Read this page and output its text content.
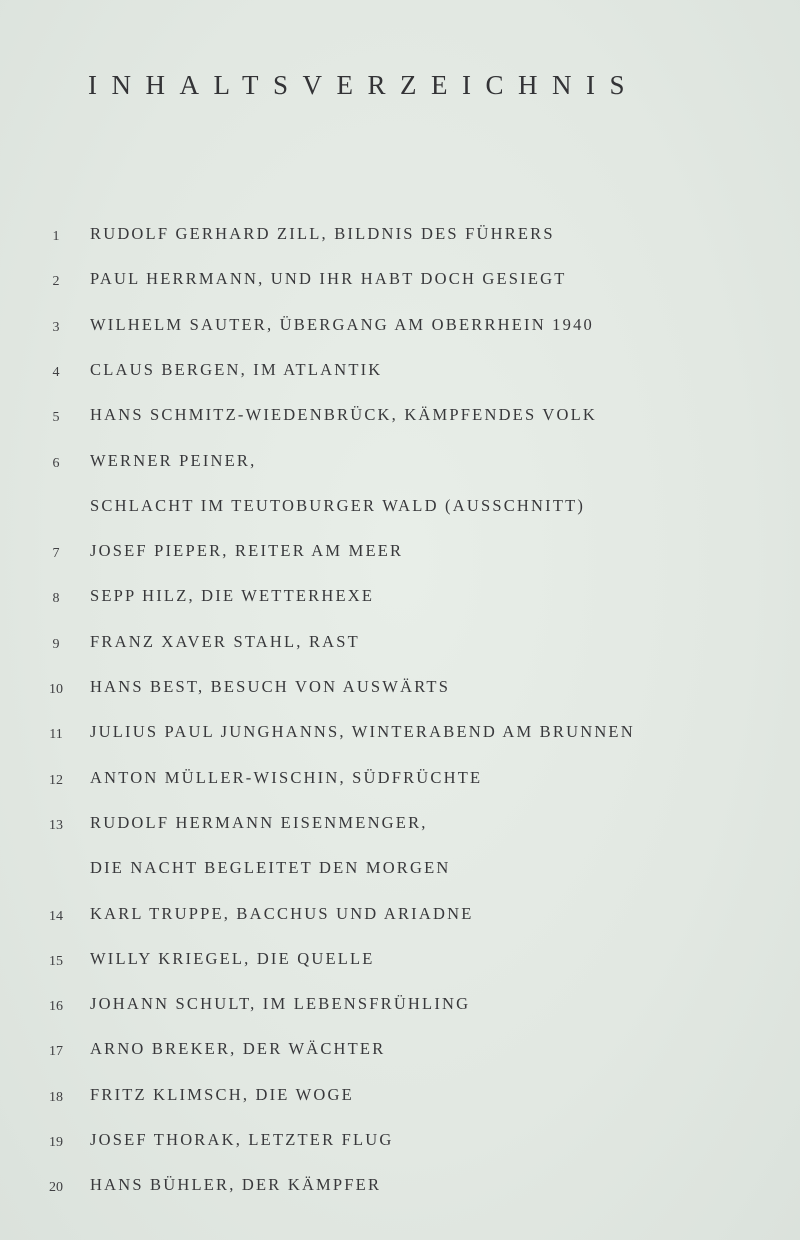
INHALTSVERZEICHNIS
1	RUDOLF GERHARD ZILL, BILDNIS DES FÜHRERS
2	PAUL HERRMANN, UND IHR HABT DOCH GESIEGT
3	WILHELM SAUTER, ÜBERGANG AM OBERRHEIN 1940
4	CLAUS BERGEN, IM ATLANTIK
5	HANS SCHMITZ-WIEDENBRÜCK, KÄMPFENDES VOLK
6	WERNER PEINER,
SCHLACHT IM TEUTOBURGER WALD (AUSSCHNITT)
7	JOSEF PIEPER, REITER AM MEER
8	SEPP HILZ, DIE WETTERHEXE
9	FRANZ XAVER STAHL, RAST
10	HANS BEST, BESUCH VON AUSWÄRTS
11	JULIUS PAUL JUNGHANNS, WINTERABEND AM BRUNNEN
12	ANTON MÜLLER-WISCHIN, SÜDFRÜCHTE
13	RUDOLF HERMANN EISENMENGER,
DIE NACHT BEGLEITET DEN MORGEN
14	KARL TRUPPE, BACCHUS UND ARIADNE
15	WILLY KRIEGEL, DIE QUELLE
16	JOHANN SCHULT, IM LEBENSFRÜHLING
17	ARNO BREKER, DER WÄCHTER
18	FRITZ KLIMSCH, DIE WOGE
19	JOSEF THORAK, LETZTER FLUG
20	HANS BÜHLER, DER KÄMPFER
